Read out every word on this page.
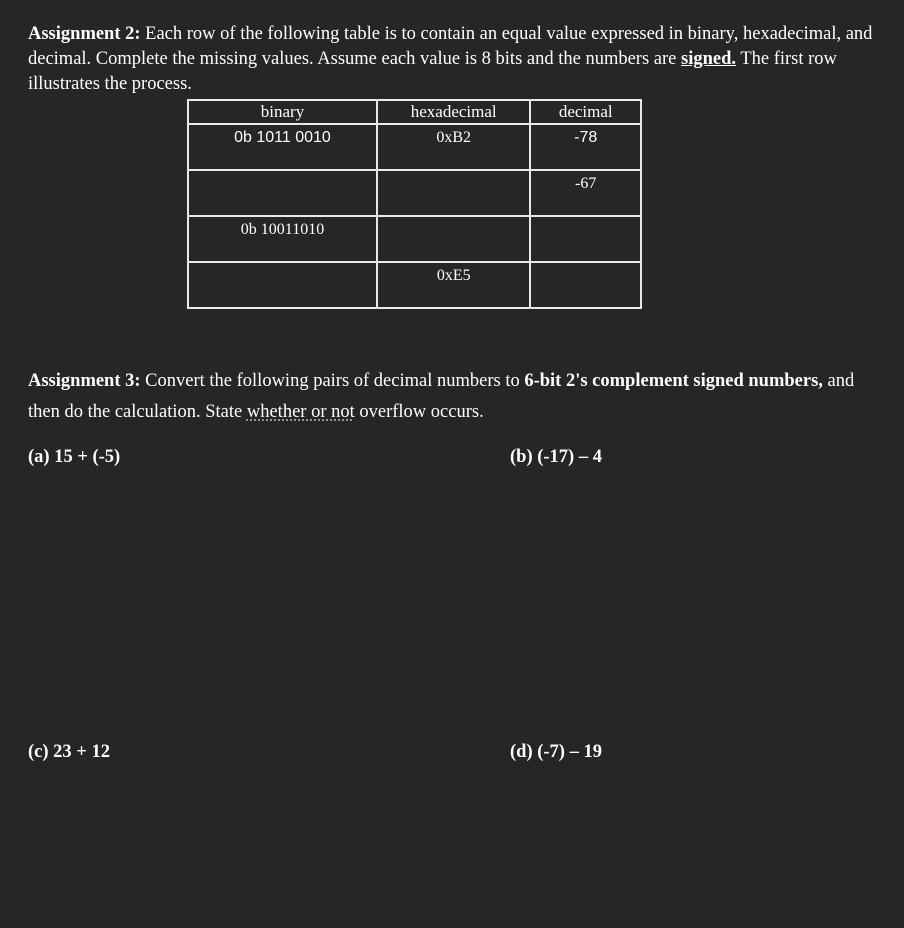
Assignment 2: Each row of the following table is to contain an equal value expressed in binary, hexadecimal, and decimal. Complete the missing values. Assume each value is 8 bits and the numbers are signed. The first row illustrates the process.
binary	hexadecimal	decimal
0b 1011 0010	0xB2	-78
		-67
0b 10011010		
	0xE5	
Assignment 3: Convert the following pairs of decimal numbers to 6-bit 2's complement signed numbers, and then do the calculation. State whether or not overflow occurs.
(a) 15 + (-5)	(b) (-17) – 4
(c) 23 + 12	(d) (-7) – 19
